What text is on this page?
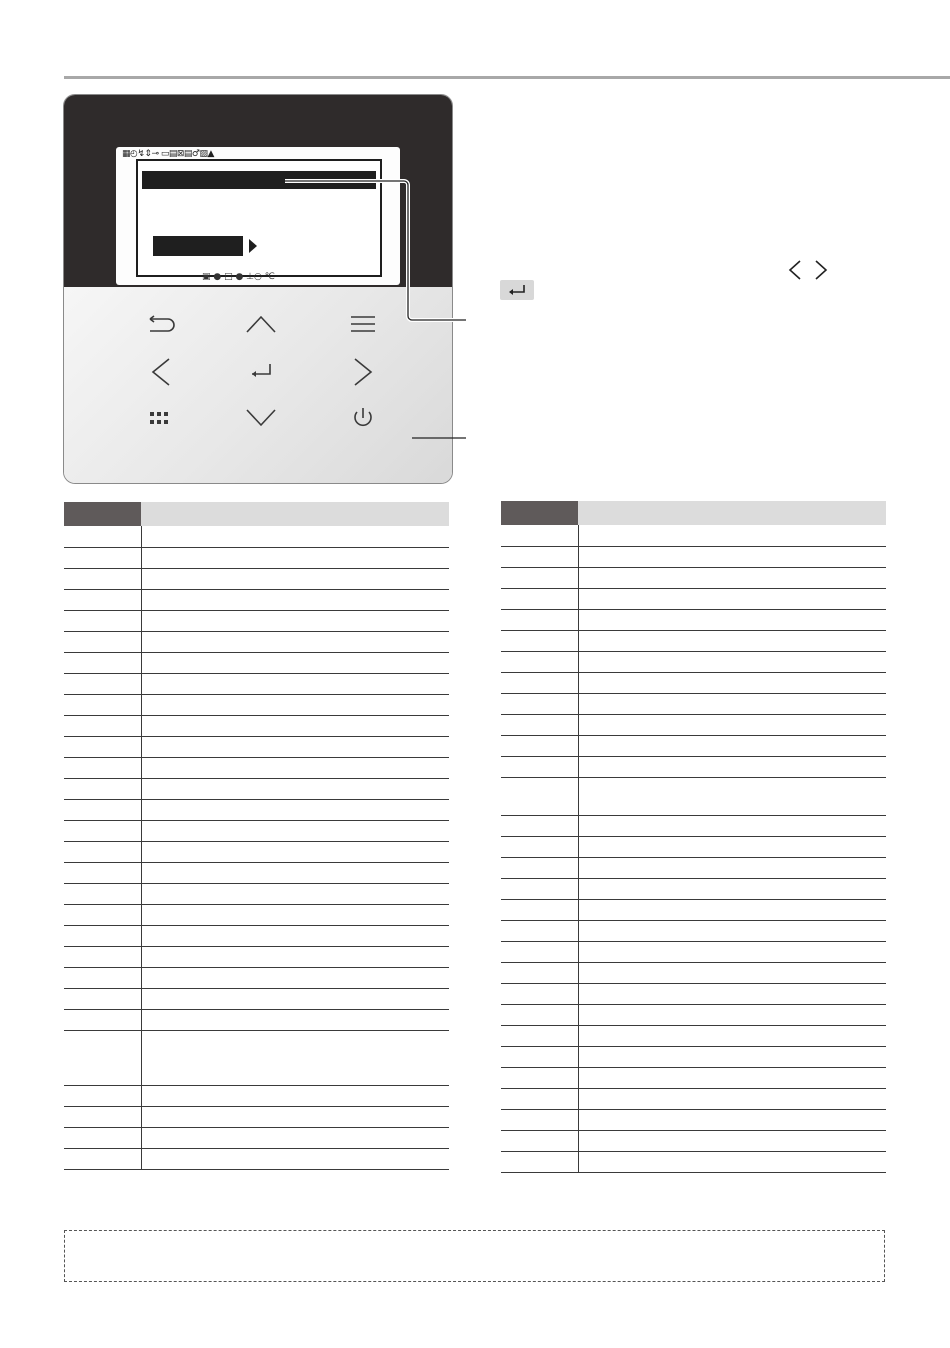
▦◴↯⇕⊸ ▭▤⊠▤♂▨▲
▣ ● □ ● ⊥○ ℃
